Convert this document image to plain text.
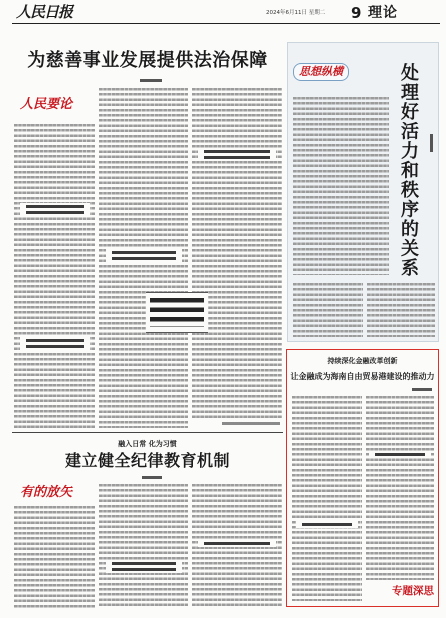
人民日报	2024年6月11日 星期二 9 理论
为慈善事业发展提供法治保障
人民要论
融入日常 化为习惯
建立健全纪律教育机制
有的放矢
思想纵横	处理好活力和秩序的关系
持续深化金融改革创新
让金融成为海南自由贸易港建设的推动力
专题深思
